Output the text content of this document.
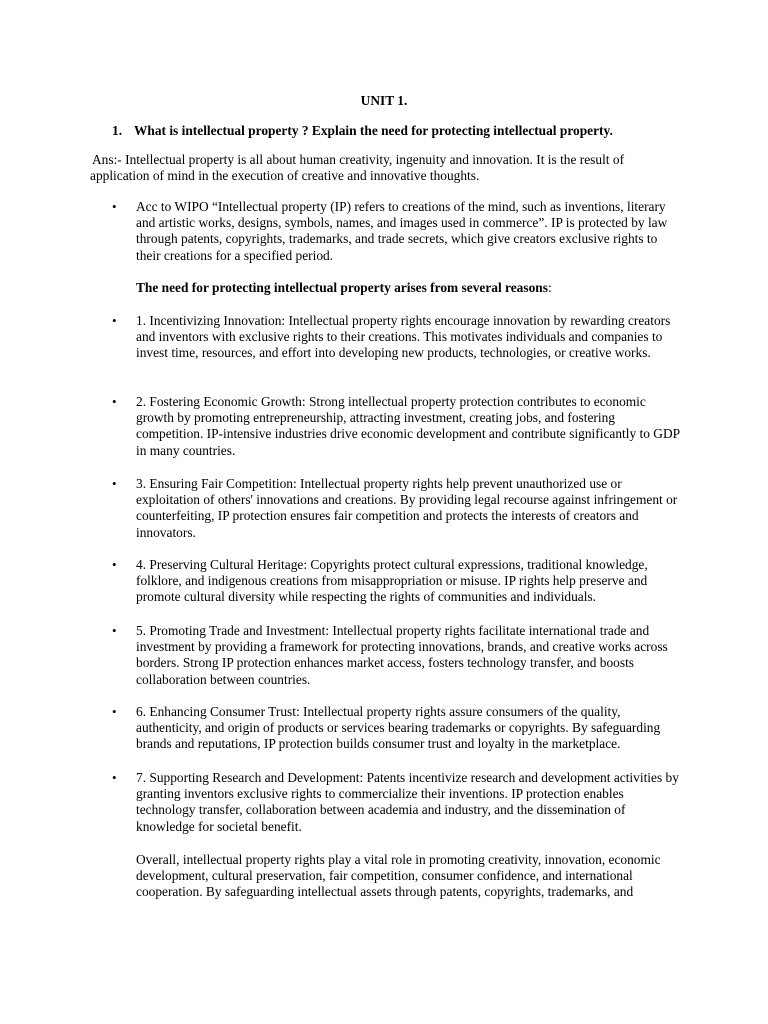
UNIT 1.

1. What is intellectual property ? Explain the need for protecting intellectual property.

Ans:- Intellectual property is all about human creativity, ingenuity and innovation. It is the result of application of mind in the execution of creative and innovative thoughts.

• Acc to WIPO “Intellectual property (IP) refers to creations of the mind, such as inventions, literary and artistic works, designs, symbols, names, and images used in commerce”. IP is protected by law through patents, copyrights, trademarks, and trade secrets, which give creators exclusive rights to their creations for a specified period.

The need for protecting intellectual property arises from several reasons:

• 1. Incentivizing Innovation: Intellectual property rights encourage innovation by rewarding creators and inventors with exclusive rights to their creations. This motivates individuals and companies to invest time, resources, and effort into developing new products, technologies, or creative works.

• 2. Fostering Economic Growth: Strong intellectual property protection contributes to economic growth by promoting entrepreneurship, attracting investment, creating jobs, and fostering competition. IP-intensive industries drive economic development and contribute significantly to GDP in many countries.

• 3. Ensuring Fair Competition: Intellectual property rights help prevent unauthorized use or exploitation of others' innovations and creations. By providing legal recourse against infringement or counterfeiting, IP protection ensures fair competition and protects the interests of creators and innovators.

• 4. Preserving Cultural Heritage: Copyrights protect cultural expressions, traditional knowledge, folklore, and indigenous creations from misappropriation or misuse. IP rights help preserve and promote cultural diversity while respecting the rights of communities and individuals.

• 5. Promoting Trade and Investment: Intellectual property rights facilitate international trade and investment by providing a framework for protecting innovations, brands, and creative works across borders. Strong IP protection enhances market access, fosters technology transfer, and boosts collaboration between countries.

• 6. Enhancing Consumer Trust: Intellectual property rights assure consumers of the quality, authenticity, and origin of products or services bearing trademarks or copyrights. By safeguarding brands and reputations, IP protection builds consumer trust and loyalty in the marketplace.

• 7. Supporting Research and Development: Patents incentivize research and development activities by granting inventors exclusive rights to commercialize their inventions. IP protection enables technology transfer, collaboration between academia and industry, and the dissemination of knowledge for societal benefit.

Overall, intellectual property rights play a vital role in promoting creativity, innovation, economic development, cultural preservation, fair competition, consumer confidence, and international cooperation. By safeguarding intellectual assets through patents, copyrights, trademarks, and
